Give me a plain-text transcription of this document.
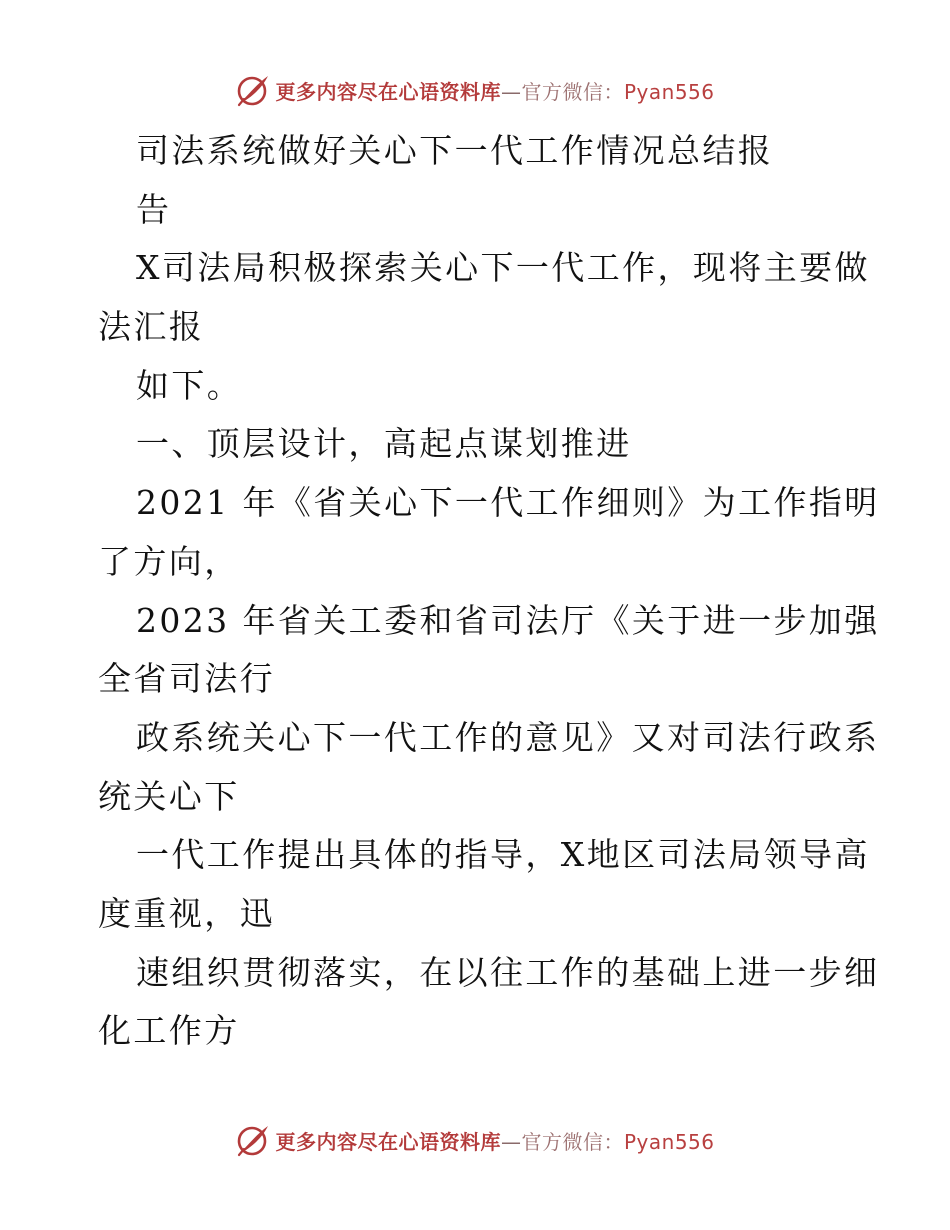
更多内容尽在心语资料库—官方微信：Pyan556
司法系统做好关心下一代工作情况总结报
告
X司法局积极探索关心下一代工作，现将主要做
法汇报
如下。
一、顶层设计，高起点谋划推进
2021 年《省关心下一代工作细则》为工作指明
了方向，
2023 年省关工委和省司法厅《关于进一步加强
全省司法行
政系统关心下一代工作的意见》又对司法行政系
统关心下
一代工作提出具体的指导，X地区司法局领导高
度重视，迅
速组织贯彻落实，在以往工作的基础上进一步细
化工作方
更多内容尽在心语资料库—官方微信：Pyan556
